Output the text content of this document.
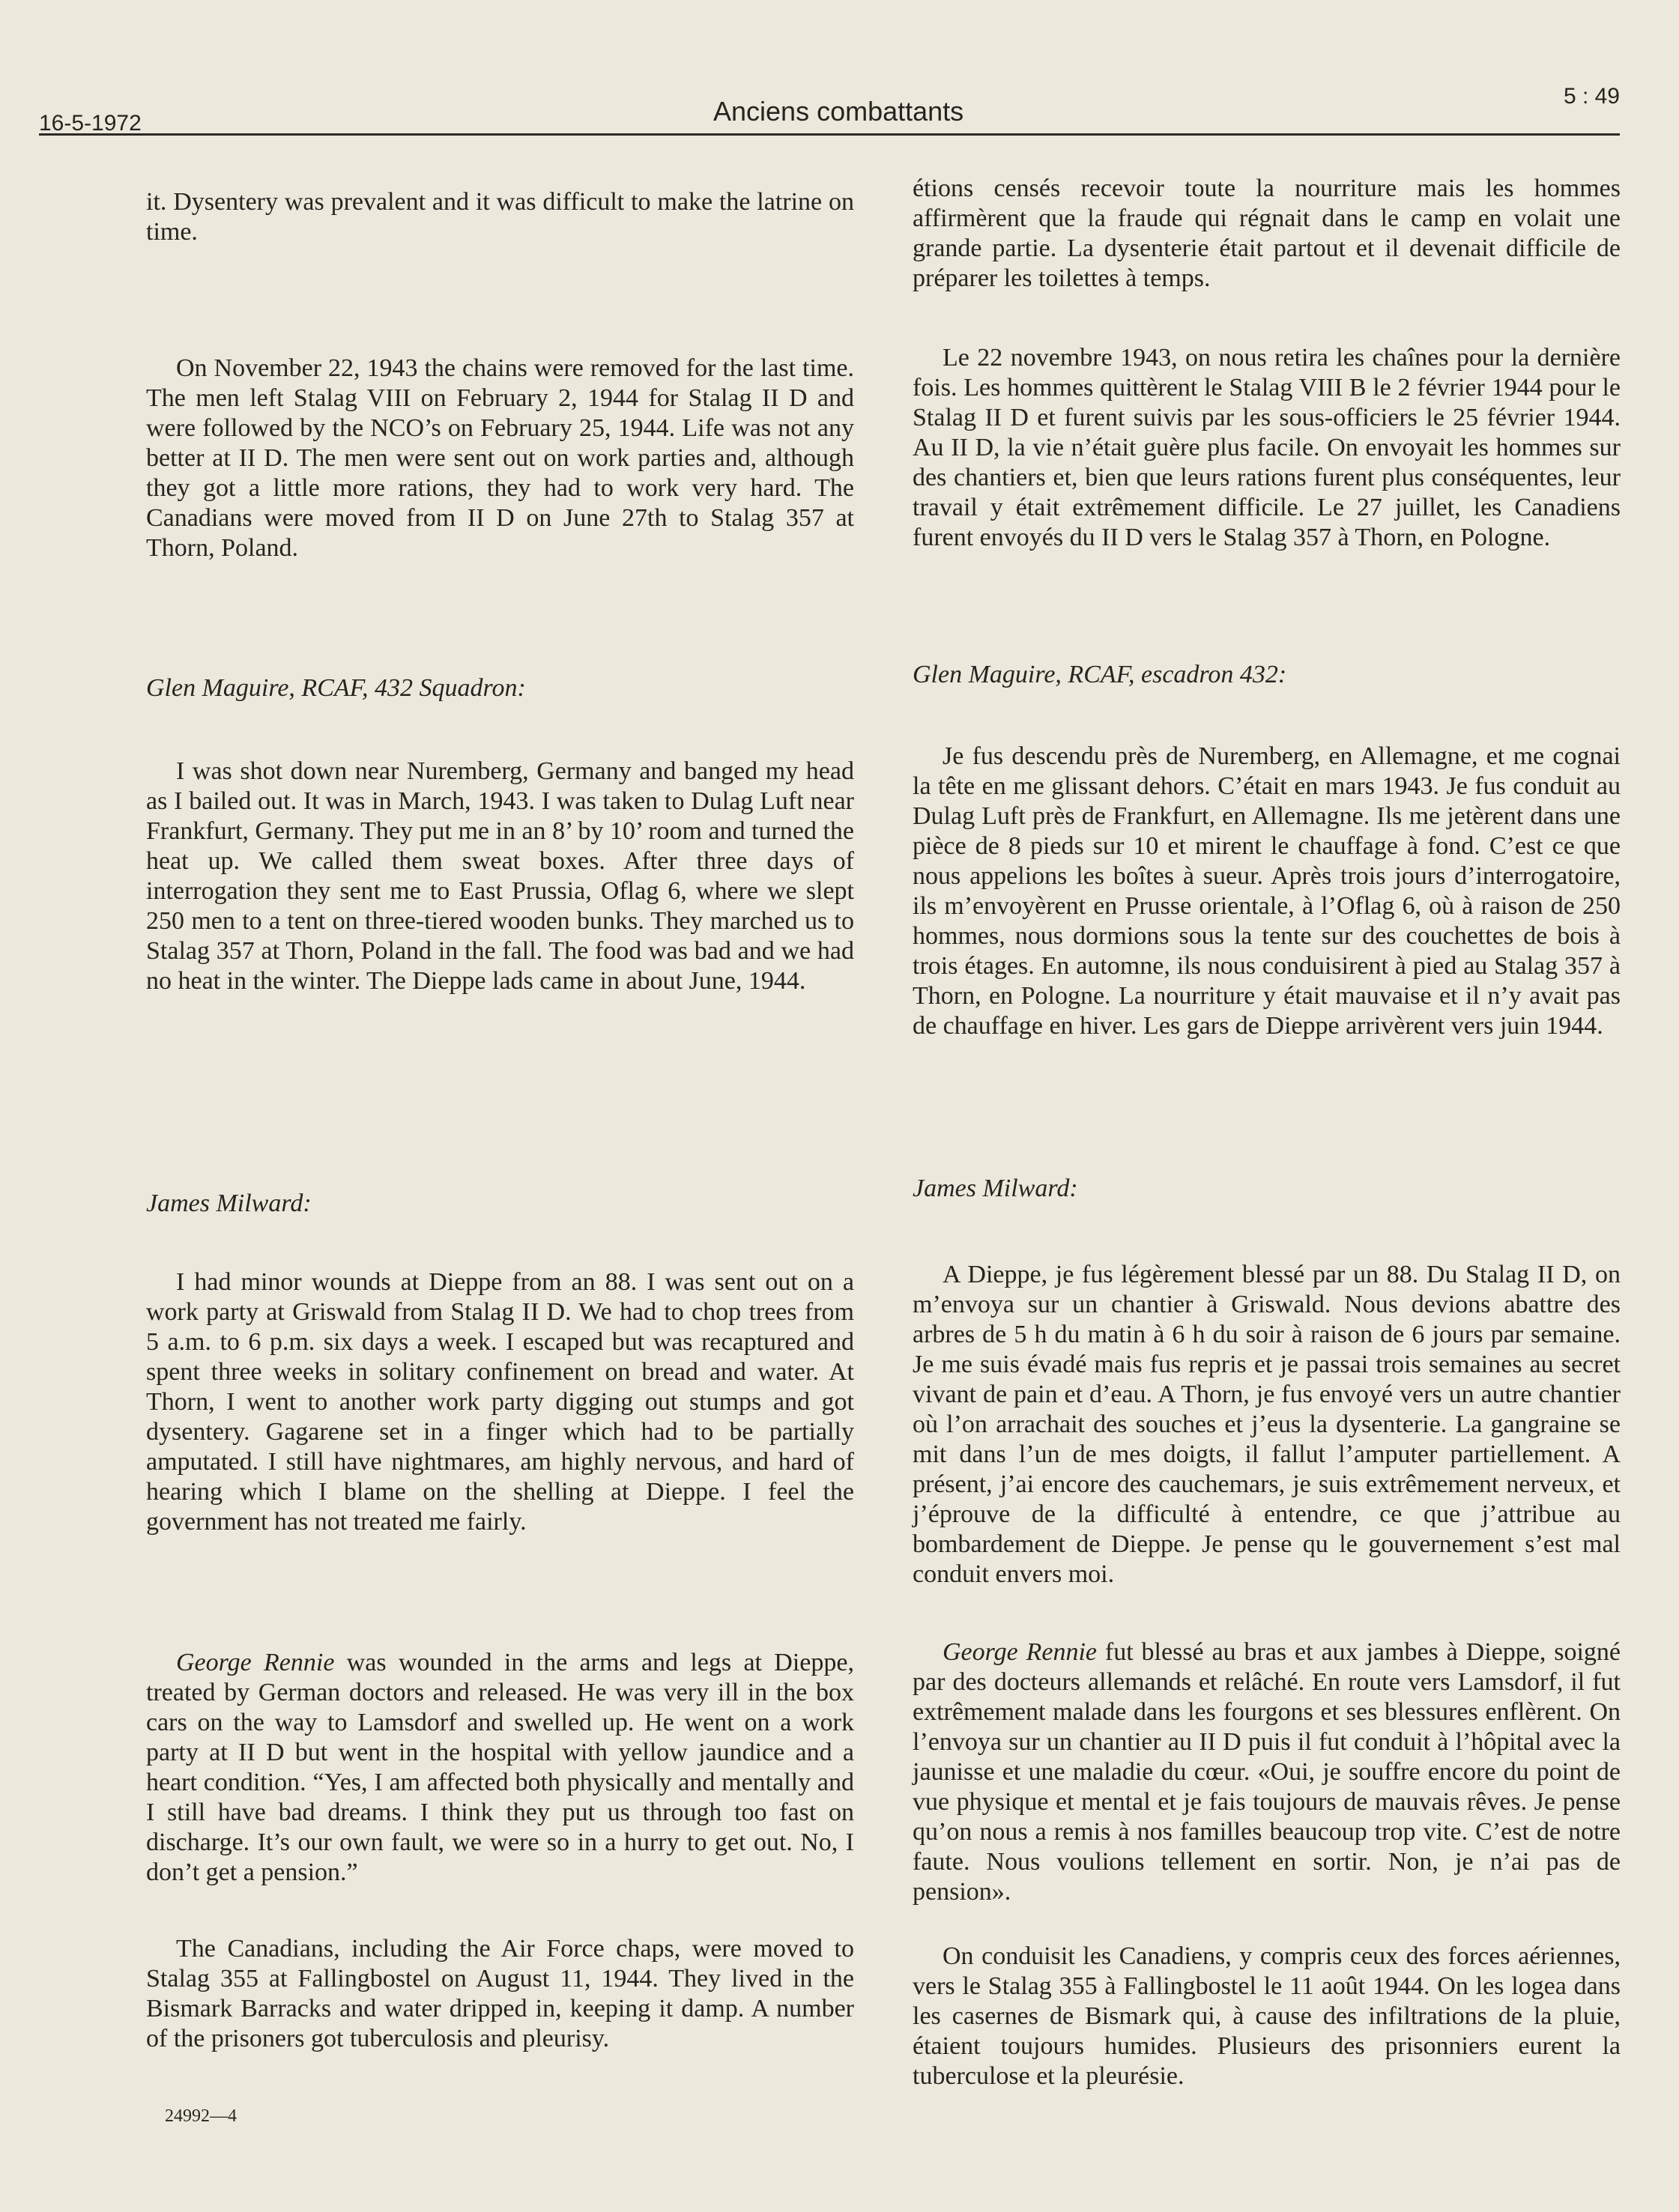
16-5-1972	Anciens combattants	5 : 49
it. Dysentery was prevalent and it was difficult to make the latrine on time.
On November 22, 1943 the chains were removed for the last time. The men left Stalag VIII on February 2, 1944 for Stalag II D and were followed by the NCO’s on February 25, 1944. Life was not any better at II D. The men were sent out on work parties and, although they got a little more rations, they had to work very hard. The Canadians were moved from II D on June 27th to Stalag 357 at Thorn, Poland.
Glen Maguire, RCAF, 432 Squadron:
I was shot down near Nuremberg, Germany and banged my head as I bailed out. It was in March, 1943. I was taken to Dulag Luft near Frankfurt, Germany. They put me in an 8’ by 10’ room and turned the heat up. We called them sweat boxes. After three days of interrogation they sent me to East Prussia, Oflag 6, where we slept 250 men to a tent on three-tiered wooden bunks. They marched us to Stalag 357 at Thorn, Poland in the fall. The food was bad and we had no heat in the winter. The Dieppe lads came in about June, 1944.
James Milward:
I had minor wounds at Dieppe from an 88. I was sent out on a work party at Griswald from Stalag II D. We had to chop trees from 5 a.m. to 6 p.m. six days a week. I escaped but was recaptured and spent three weeks in solitary confinement on bread and water. At Thorn, I went to another work party digging out stumps and got dysentery. Gagarene set in a finger which had to be partially amputated. I still have nightmares, am highly nervous, and hard of hearing which I blame on the shelling at Dieppe. I feel the government has not treated me fairly.
George Rennie was wounded in the arms and legs at Dieppe, treated by German doctors and released. He was very ill in the box cars on the way to Lamsdorf and swelled up. He went on a work party at II D but went in the hospital with yellow jaundice and a heart condition. “Yes, I am affected both physically and mentally and I still have bad dreams. I think they put us through too fast on discharge. It’s our own fault, we were so in a hurry to get out. No, I don’t get a pension.”
The Canadians, including the Air Force chaps, were moved to Stalag 355 at Fallingbostel on August 11, 1944. They lived in the Bismark Barracks and water dripped in, keeping it damp. A number of the prisoners got tuberculosis and pleurisy.
étions censés recevoir toute la nourriture mais les hommes affirmèrent que la fraude qui régnait dans le camp en volait une grande partie. La dysenterie était partout et il devenait difficile de préparer les toilettes à temps.
Le 22 novembre 1943, on nous retira les chaînes pour la dernière fois. Les hommes quittèrent le Stalag VIII B le 2 février 1944 pour le Stalag II D et furent suivis par les sous-officiers le 25 février 1944. Au II D, la vie n’était guère plus facile. On envoyait les hommes sur des chantiers et, bien que leurs rations furent plus conséquentes, leur travail y était extrêmement difficile. Le 27 juillet, les Canadiens furent envoyés du II D vers le Stalag 357 à Thorn, en Pologne.
Glen Maguire, RCAF, escadron 432:
Je fus descendu près de Nuremberg, en Allemagne, et me cognai la tête en me glissant dehors. C’était en mars 1943. Je fus conduit au Dulag Luft près de Frankfurt, en Allemagne. Ils me jetèrent dans une pièce de 8 pieds sur 10 et mirent le chauffage à fond. C’est ce que nous appelions les boîtes à sueur. Après trois jours d’interrogatoire, ils m’envoyèrent en Prusse orientale, à l’Oflag 6, où à raison de 250 hommes, nous dormions sous la tente sur des couchettes de bois à trois étages. En automne, ils nous conduisirent à pied au Stalag 357 à Thorn, en Pologne. La nourriture y était mauvaise et il n’y avait pas de chauffage en hiver. Les gars de Dieppe arrivèrent vers juin 1944.
James Milward:
A Dieppe, je fus légèrement blessé par un 88. Du Stalag II D, on m’envoya sur un chantier à Griswald. Nous devions abattre des arbres de 5 h du matin à 6 h du soir à raison de 6 jours par semaine. Je me suis évadé mais fus repris et je passai trois semaines au secret vivant de pain et d’eau. A Thorn, je fus envoyé vers un autre chantier où l’on arrachait des souches et j’eus la dysenterie. La gangraine se mit dans l’un de mes doigts, il fallut l’amputer partiellement. A présent, j’ai encore des cauchemars, je suis extrêmement nerveux, et j’éprouve de la difficulté à entendre, ce que j’attribue au bombardement de Dieppe. Je pense qu le gouvernement s’est mal conduit envers moi.
George Rennie fut blessé au bras et aux jambes à Dieppe, soigné par des docteurs allemands et relâché. En route vers Lamsdorf, il fut extrêmement malade dans les fourgons et ses blessures enflèrent. On l’envoya sur un chantier au II D puis il fut conduit à l’hôpital avec la jaunisse et une maladie du cœur. «Oui, je souffre encore du point de vue physique et mental et je fais toujours de mauvais rêves. Je pense qu’on nous a remis à nos familles beaucoup trop vite. C’est de notre faute. Nous voulions tellement en sortir. Non, je n’ai pas de pension».
On conduisit les Canadiens, y compris ceux des forces aériennes, vers le Stalag 355 à Fallingbostel le 11 août 1944. On les logea dans les casernes de Bismark qui, à cause des infiltrations de la pluie, étaient toujours humides. Plusieurs des prisonniers eurent la tuberculose et la pleurésie.
24992—4
